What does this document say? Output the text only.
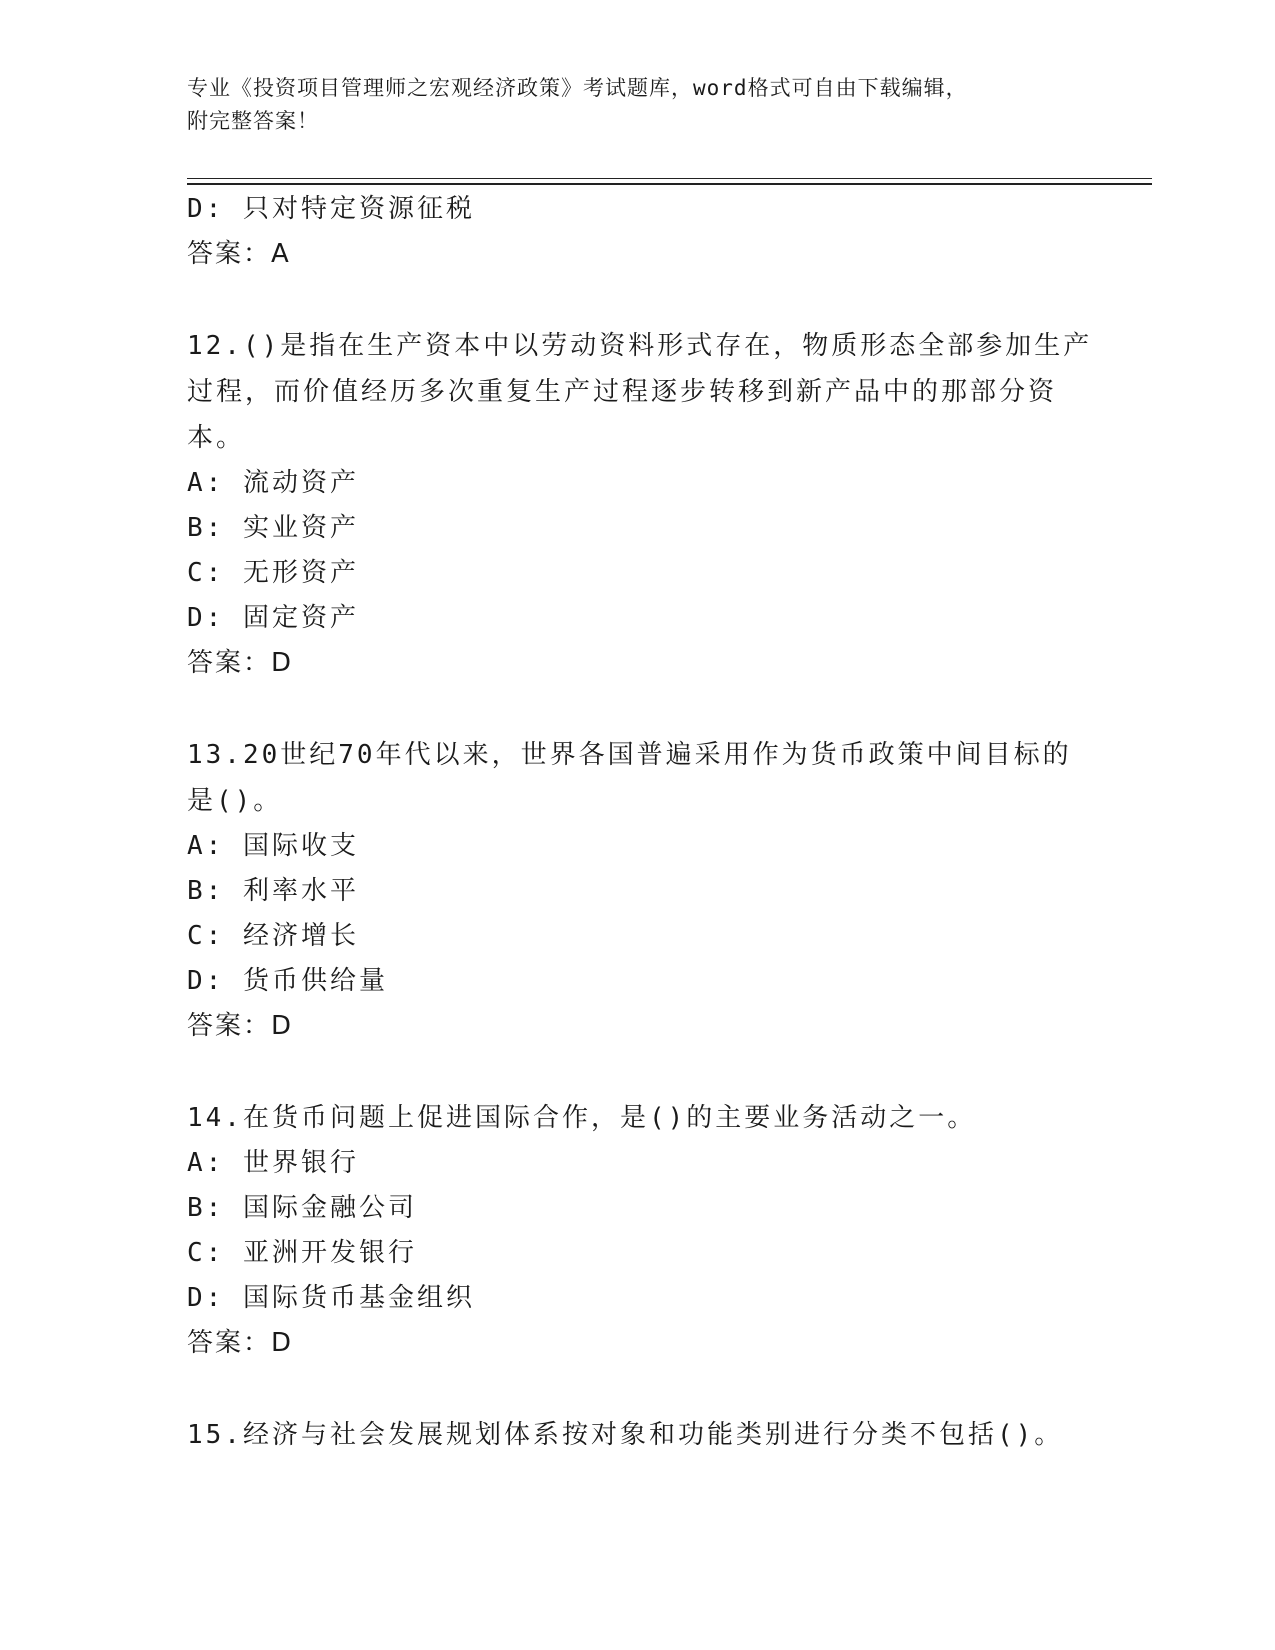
专业《投资项目管理师之宏观经济政策》考试题库，word格式可自由下载编辑，
附完整答案！
D: 只对特定资源征税
答案：A
12.()是指在生产资本中以劳动资料形式存在，物质形态全部参加生产
过程，而价值经历多次重复生产过程逐步转移到新产品中的那部分资
本。
A: 流动资产
B: 实业资产
C: 无形资产
D: 固定资产
答案：D
13.20世纪70年代以来，世界各国普遍采用作为货币政策中间目标的
是()。
A: 国际收支
B: 利率水平
C: 经济增长
D: 货币供给量
答案：D
14.在货币问题上促进国际合作，是()的主要业务活动之一。
A: 世界银行
B: 国际金融公司
C: 亚洲开发银行
D: 国际货币基金组织
答案：D
15.经济与社会发展规划体系按对象和功能类别进行分类不包括()。
